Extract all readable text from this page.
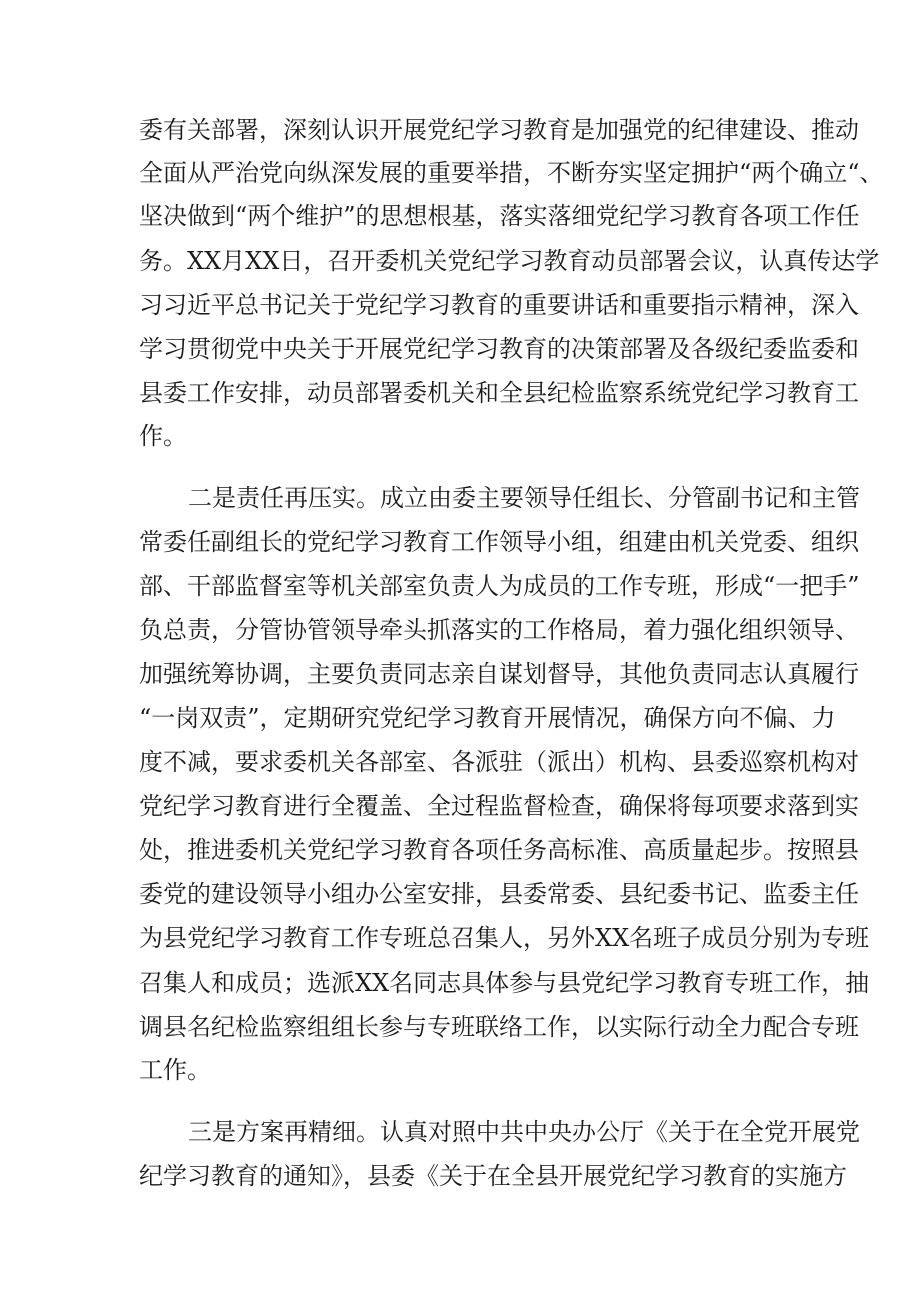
委有关部署，深刻认识开展党纪学习教育是加强党的纪律建设、推动
全面从严治党向纵深发展的重要举措，不断夯实坚定拥护“两个确立“、
坚决做到“两个维护”的思想根基，落实落细党纪学习教育各项工作任
务。XX月XX日，召开委机关党纪学习教育动员部署会议，认真传达学
习习近平总书记关于党纪学习教育的重要讲话和重要指示精神，深入
学习贯彻党中央关于开展党纪学习教育的决策部署及各级纪委监委和
县委工作安排，动员部署委机关和全县纪检监察系统党纪学习教育工
作。
二是责任再压实。成立由委主要领导任组长、分管副书记和主管
常委任副组长的党纪学习教育工作领导小组，组建由机关党委、组织
部、干部监督室等机关部室负责人为成员的工作专班，形成“一把手”
负总责，分管协管领导牵头抓落实的工作格局，着力强化组织领导、
加强统筹协调，主要负责同志亲自谋划督导，其他负责同志认真履行
“一岗双责”，定期研究党纪学习教育开展情况，确保方向不偏、力
度不减，要求委机关各部室、各派驻（派出）机构、县委巡察机构对
党纪学习教育进行全覆盖、全过程监督检查，确保将每项要求落到实
处，推进委机关党纪学习教育各项任务高标准、高质量起步。按照县
委党的建设领导小组办公室安排，县委常委、县纪委书记、监委主任
为县党纪学习教育工作专班总召集人，另外XX名班子成员分别为专班
召集人和成员；选派XX名同志具体参与县党纪学习教育专班工作，抽
调县名纪检监察组组长参与专班联络工作，以实际行动全力配合专班
工作。
三是方案再精细。认真对照中共中央办公厅《关于在全党开展党
纪学习教育的通知》，县委《关于在全县开展党纪学习教育的实施方
